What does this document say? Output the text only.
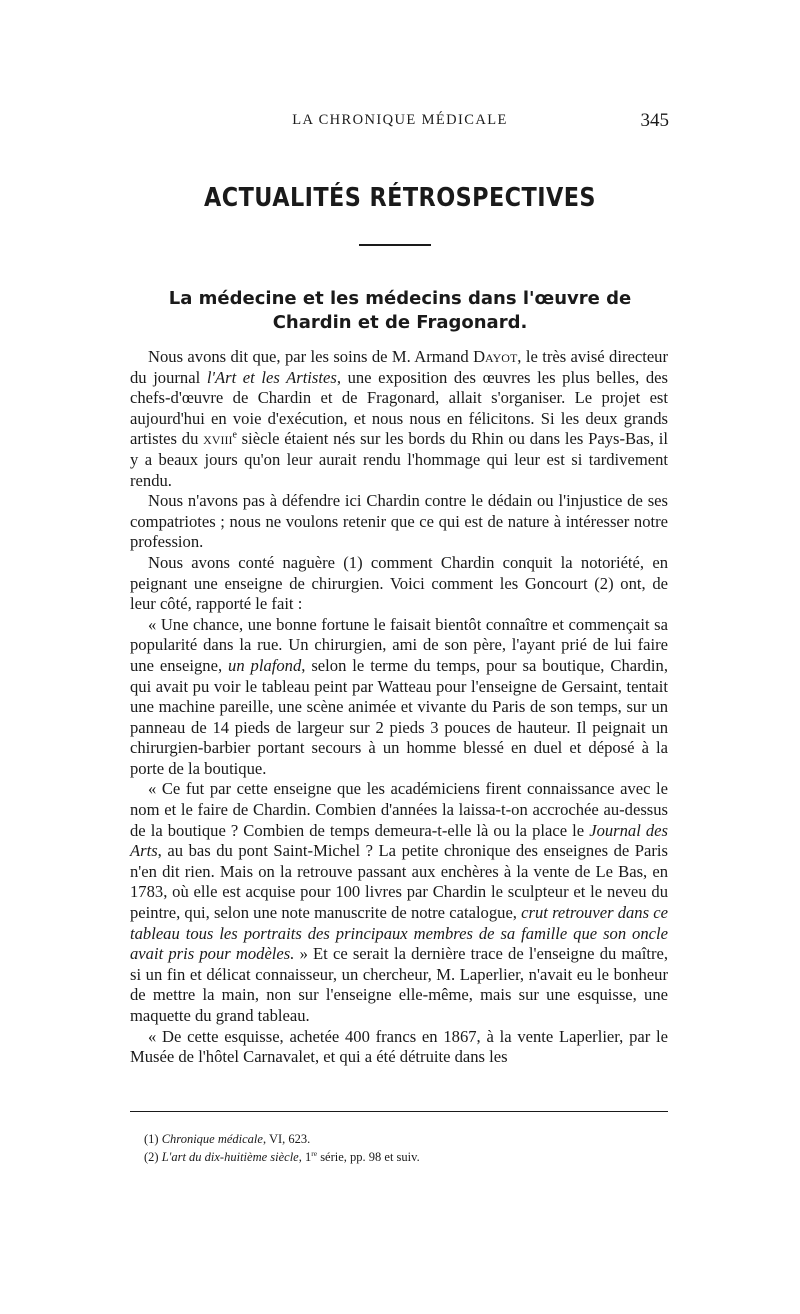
LA CHRONIQUE MÉDICALE	345
ACTUALITÉS RÉTROSPECTIVES
La médecine et les médecins dans l'œuvre de Chardin et de Fragonard.

Nous avons dit que, par les soins de M. Armand Dayot, le très avisé directeur du journal l'Art et les Artistes, une exposition des œuvres les plus belles, des chefs-d'œuvre de Chardin et de Fragonard, allait s'organiser. Le projet est aujourd'hui en voie d'exécution, et nous nous en félicitons. Si les deux grands artistes du xviii$^e$ siècle étaient nés sur les bords du Rhin ou dans les Pays-Bas, il y a beaux jours qu'on leur aurait rendu l'hommage qui leur est si tardivement rendu.

Nous n'avons pas à défendre ici Chardin contre le dédain ou l'injustice de ses compatriotes ; nous ne voulons retenir que ce qui est de nature à intéresser notre profession.

Nous avons conté naguère (1) comment Chardin conquit la notoriété, en peignant une enseigne de chirurgien. Voici comment les Goncourt (2) ont, de leur côté, rapporté le fait :

« Une chance, une bonne fortune le faisait bientôt connaître et commençait sa popularité dans la rue. Un chirurgien, ami de son père, l'ayant prié de lui faire une enseigne, un plafond, selon le terme du temps, pour sa boutique, Chardin, qui avait pu voir le tableau peint par Watteau pour l'enseigne de Gersaint, tentait une machine pareille, une scène animée et vivante du Paris de son temps, sur un panneau de 14 pieds de largeur sur 2 pieds 3 pouces de hauteur. Il peignait un chirurgien-barbier portant secours à un homme blessé en duel et déposé à la porte de la boutique.

« Ce fut par cette enseigne que les académiciens firent connaissance avec le nom et le faire de Chardin. Combien d'années la laissa-t-on accrochée au-dessus de la boutique ? Combien de temps demeura-t-elle là ou la place le Journal des Arts, au bas du pont Saint-Michel ? La petite chronique des enseignes de Paris n'en dit rien. Mais on la retrouve passant aux enchères à la vente de Le Bas, en 1783, où elle est acquise pour 100 livres par Chardin le sculpteur et le neveu du peintre, qui, selon une note manuscrite de notre catalogue, crut retrouver dans ce tableau tous les portraits des principaux membres de sa famille que son oncle avait pris pour modèles. » Et ce serait la dernière trace de l'enseigne du maître, si un fin et délicat connaisseur, un chercheur, M. Laperlier, n'avait eu le bonheur de mettre la main, non sur l'enseigne elle-même, mais sur une esquisse, une maquette du grand tableau.

« De cette esquisse, achetée 400 francs en 1867, à la vente Laperlier, par le Musée de l'hôtel Carnavalet, et qui a été détruite dans les

(1) Chronique médicale, VI, 623.

(2) L'art du dix-huitième siècle, 1re série, pp. 98 et suiv.
